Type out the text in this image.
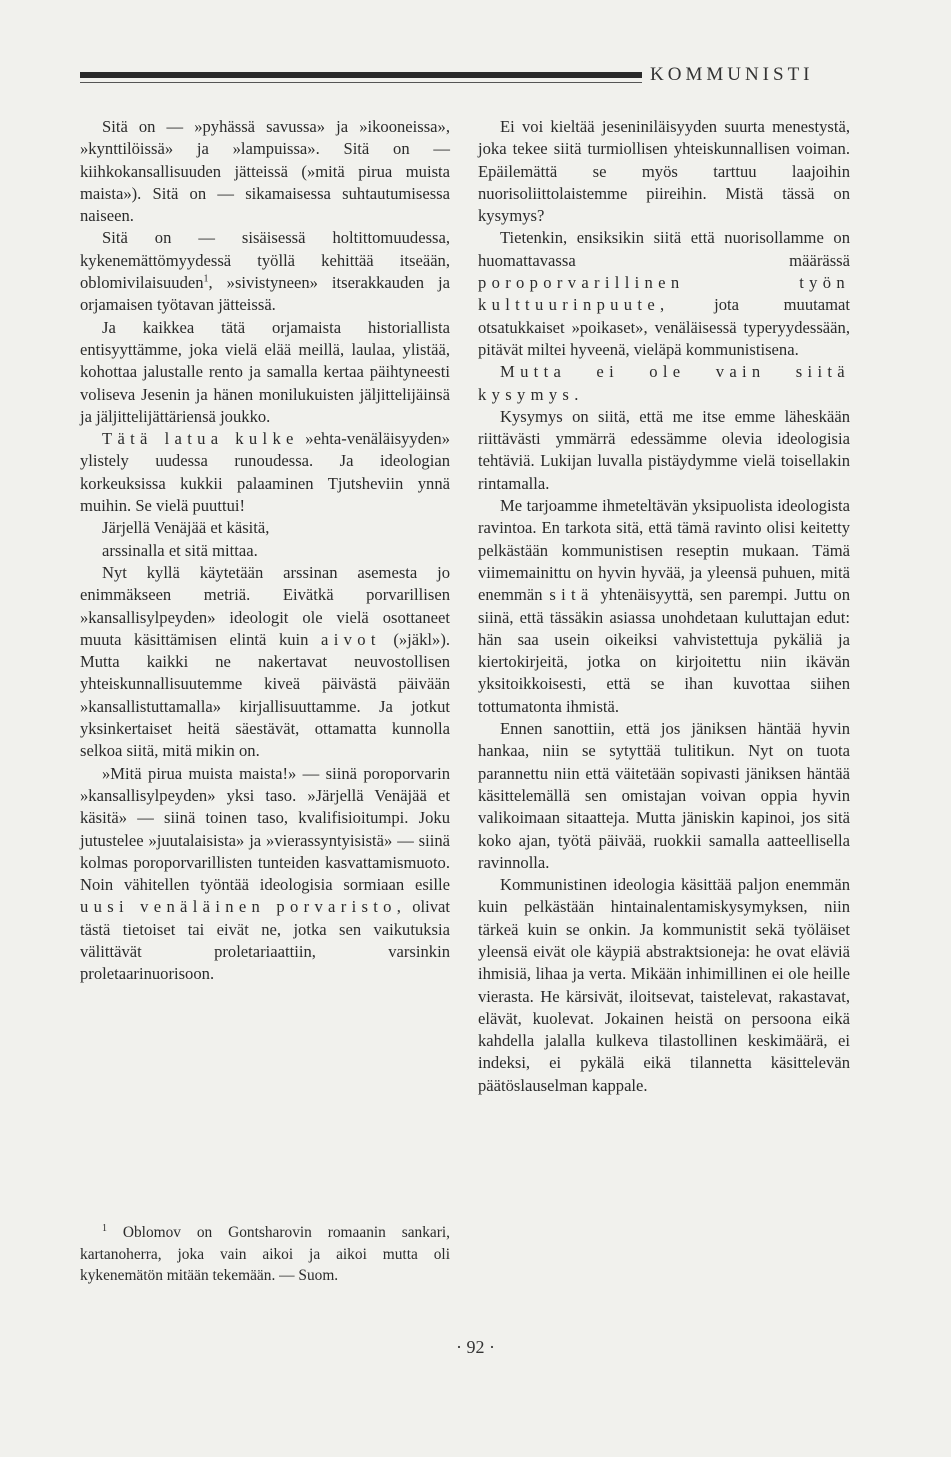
KOMMUNISTI

Sitä on — »pyhässä savussa» ja »ikooneissa», »kynttilöissä» ja »lampuissa». Sitä on — kiihkokansallisuuden jätteissä (»mitä pirua muista maista»). Sitä on — sikamaisessa suhtautumisessa naiseen.

Sitä on — sisäisessä holtittomuudessa, kykenemättömyydessä työllä kehittää itseään, oblomivilaisuuden$^1$, »sivistyneen» itserakkauden ja orjamaisen työtavan jätteissä.

Ja kaikkea tätä orjamaista historiallista entisyyttämme, joka vielä elää meillä, laulaa, ylistää, kohottaa jalustalle rento ja samalla kertaa päihtyneesti voliseva Jesenin ja hänen monilukuisten jäljittelijäinsä ja jäljittelijättäriensä joukko.

Tätä latua kulke »ehta-venäläisyyden» ylistely uudessa runoudessa. Ja ideologian korkeuksissa kukkii palaaminen Tjutsheviin ynnä muihin. Se vielä puuttui!

Järjellä Venäjää et käsitä,
arssinalla et sitä mittaa.

Nyt kyllä käytetään arssinan asemesta jo enimmäkseen metriä. Eivätkä porvarillisen »kansallisylpeyden» ideologit ole vielä osottaneet muuta käsittämisen elintä kuin aivot (»jäkl»). Mutta kaikki ne nakertavat neuvostollisen yhteiskunnallisuutemme kiveä päivästä päivään »kansallistuttamalla» kirjallisuuttamme. Ja jotkut yksinkertaiset heitä säestävät, ottamatta kunnolla selkoa siitä, mitä mikin on.

»Mitä pirua muista maista!» — siinä poroporvarin »kansallisylpeyden» yksi taso. »Järjellä Venäjää et käsitä» — siinä toinen taso, kvalifisioitumpi. Joku jutustelee »juutalaisista» ja »vierassyntyisistä» — siinä kolmas poroporvarillisten tunteiden kasvattamismuoto. Noin vähitellen työntää ideologisia sormiaan esille uusi venäläinen porvaristo, olivat tästä tietoiset tai eivät ne, jotka sen vaikutuksia välittävät proletariaattiin, varsinkin proletaarinuorisoon.

$^1$ Oblomov on Gontsharovin romaanin sankari, kartanoherra, joka vain aikoi ja aikoi mutta oli kykenemätön mitään tekemään. — Suom.

Ei voi kieltää jeseniniläisyyden suurta menestystä, joka tekee siitä turmiollisen yhteiskunnallisen voiman. Epäilemättä se myös tarttuu laajoihin nuorisoliittolaistemme piireihin. Mistä tässä on kysymys?

Tietenkin, ensiksikin siitä että nuorisollamme on huomattavassa määrässä poroporvarillinen työn kulttuurinpuute, jota muutamat otsatukkaiset »poikaset», venäläisessä typeryydessään, pitävät miltei hyveenä, vieläpä kommunistisena.

Mutta ei ole vain siitä kysymys.

Kysymys on siitä, että me itse emme läheskään riittävästi ymmärrä edessämme olevia ideologisia tehtäviä. Lukijan luvalla pistäydymme vielä toisellakin rintamalla.

Me tarjoamme ihmeteltävän yksipuolista ideologista ravintoa. En tarkota sitä, että tämä ravinto olisi keitetty pelkästään kommunistisen reseptin mukaan. Tämä viimemainittu on hyvin hyvää, ja yleensä puhuen, mitä enemmän sitä yhtenäisyyttä, sen parempi. Juttu on siinä, että tässäkin asiassa unohdetaan kuluttajan edut: hän saa usein oikeiksi vahvistettuja pykäliä ja kiertokirjeitä, jotka on kirjoitettu niin ikävän yksitoikkoisesti, että se ihan kuvottaa siihen tottumatonta ihmistä.

Ennen sanottiin, että jos jäniksen häntää hyvin hankaa, niin se sytyttää tulitikun. Nyt on tuota parannettu niin että väitetään sopivasti jäniksen häntää käsittelemällä sen omistajan voivan oppia hyvin valikoimaan sitaatteja. Mutta jäniskin kapinoi, jos sitä koko ajan, työtä päivää, ruokkii samalla aatteellisella ravinnolla.

Kommunistinen ideologia käsittää paljon enemmän kuin pelkästään hintainalentamiskysymyksen, niin tärkeä kuin se onkin. Ja kommunistit sekä työläiset yleensä eivät ole käypiä abstraktsioneja: he ovat eläviä ihmisiä, lihaa ja verta. Mikään inhimillinen ei ole heille vierasta. He kärsivät, iloitsevat, taistelevat, rakastavat, elävät, kuolevat. Jokainen heistä on persoona eikä kahdella jalalla kulkeva tilastollinen keskimäärä, ei indeksi, ei pykälä eikä tilannetta käsittelevän päätöslauselman kappale.

· 92 ·
